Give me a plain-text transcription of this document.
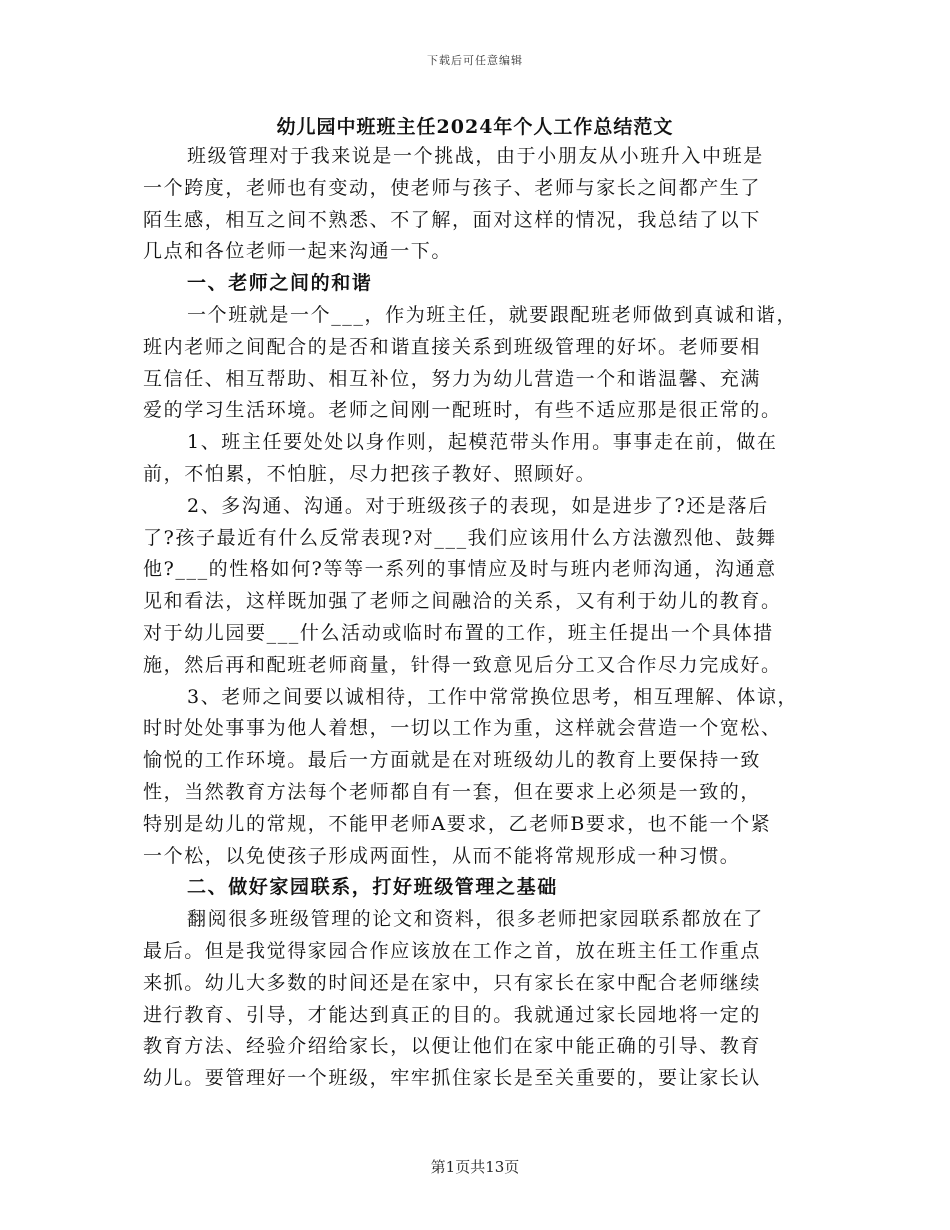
下载后可任意编辑
幼儿园中班班主任2024年个人工作总结范文
班级管理对于我来说是一个挑战，由于小朋友从小班升入中班是
一个跨度，老师也有变动，使老师与孩子、老师与家长之间都产生了
陌生感，相互之间不熟悉、不了解，面对这样的情况，我总结了以下
几点和各位老师一起来沟通一下。
一、老师之间的和谐
一个班就是一个___，作为班主任，就要跟配班老师做到真诚和谐，
班内老师之间配合的是否和谐直接关系到班级管理的好坏。老师要相
互信任、相互帮助、相互补位，努力为幼儿营造一个和谐温馨、充满
爱的学习生活环境。老师之间刚一配班时，有些不适应那是很正常的。
1、班主任要处处以身作则，起模范带头作用。事事走在前，做在
前，不怕累，不怕脏，尽力把孩子教好、照顾好。
2、多沟通、沟通。对于班级孩子的表现，如是进步了?还是落后
了?孩子最近有什么反常表现?对___我们应该用什么方法激烈他、鼓舞
他?___的性格如何?等等一系列的事情应及时与班内老师沟通，沟通意
见和看法，这样既加强了老师之间融洽的关系，又有利于幼儿的教育。
对于幼儿园要___什么活动或临时布置的工作，班主任提出一个具体措
施，然后再和配班老师商量，针得一致意见后分工又合作尽力完成好。
3、老师之间要以诚相待，工作中常常换位思考，相互理解、体谅，
时时处处事事为他人着想，一切以工作为重，这样就会营造一个宽松、
愉悦的工作环境。最后一方面就是在对班级幼儿的教育上要保持一致
性，当然教育方法每个老师都自有一套，但在要求上必须是一致的，
特别是幼儿的常规，不能甲老师A要求，乙老师B要求，也不能一个紧
一个松，以免使孩子形成两面性，从而不能将常规形成一种习惯。
二、做好家园联系，打好班级管理之基础
翻阅很多班级管理的论文和资料，很多老师把家园联系都放在了
最后。但是我觉得家园合作应该放在工作之首，放在班主任工作重点
来抓。幼儿大多数的时间还是在家中，只有家长在家中配合老师继续
进行教育、引导，才能达到真正的目的。我就通过家长园地将一定的
教育方法、经验介绍给家长，以便让他们在家中能正确的引导、教育
幼儿。要管理好一个班级，牢牢抓住家长是至关重要的，要让家长认
第1页共13页
